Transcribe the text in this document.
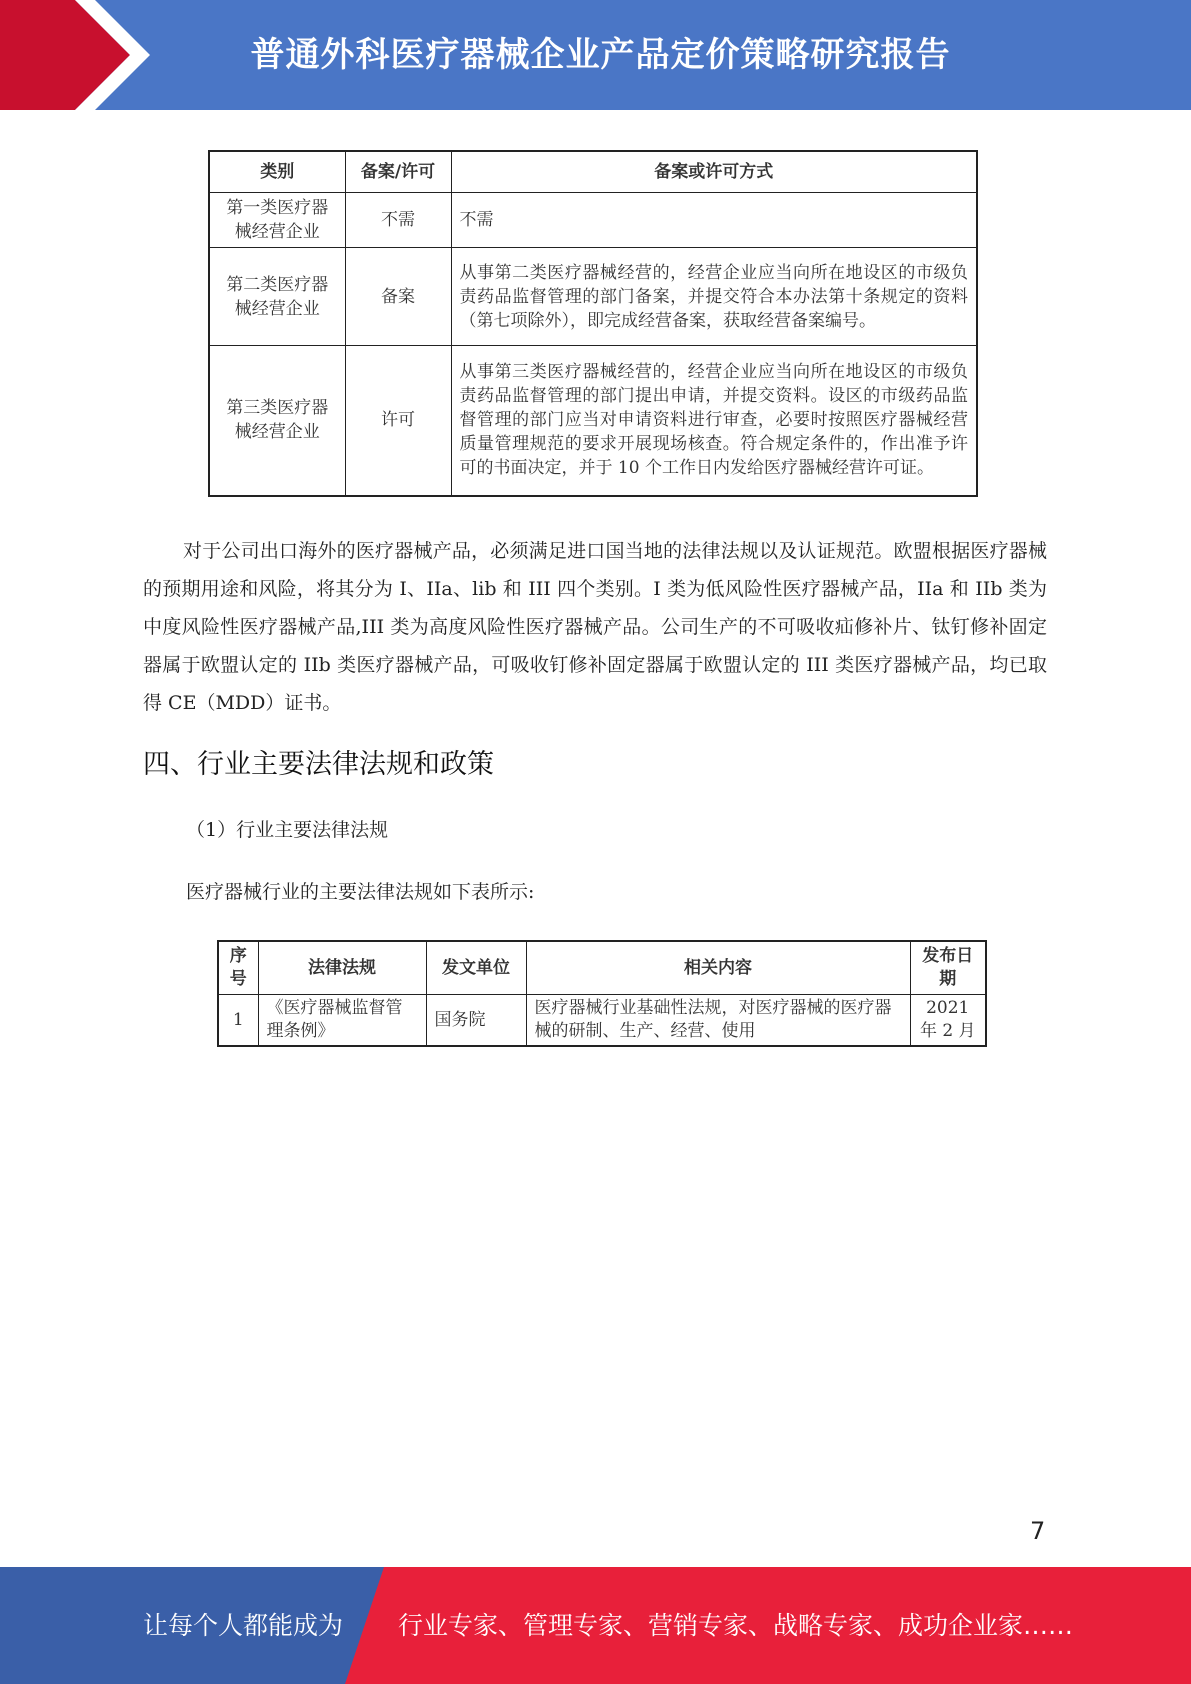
普通外科医疗器械企业产品定价策略研究报告
类别	备案/许可	备案或许可方式
第一类医疗器械经营企业	不需	不需
第二类医疗器械经营企业	备案	从事第二类医疗器械经营的，经营企业应当向所在地设区的市级负责药品监督管理的部门备案，并提交符合本办法第十条规定的资料（第七项除外），即完成经营备案，获取经营备案编号。
第三类医疗器械经营企业	许可	从事第三类医疗器械经营的，经营企业应当向所在地设区的市级负责药品监督管理的部门提出申请，并提交资料。设区的市级药品监督管理的部门应当对申请资料进行审查，必要时按照医疗器械经营质量管理规范的要求开展现场核查。符合规定条件的，作出准予许可的书面决定，并于 10 个工作日内发给医疗器械经营许可证。

对于公司出口海外的医疗器械产品，必须满足进口国当地的法律法规以及认证规范。欧盟根据医疗器械的预期用途和风险，将其分为 I、IIa、lib 和 III 四个类别。I 类为低风险性医疗器械产品，IIa 和 IIb 类为中度风险性医疗器械产品,III 类为高度风险性医疗器械产品。公司生产的不可吸收疝修补片、钛钉修补固定器属于欧盟认定的 IIb 类医疗器械产品，可吸收钉修补固定器属于欧盟认定的 III 类医疗器械产品，均已取得 CE（MDD）证书。

四、行业主要法律法规和政策

（1）行业主要法律法规

医疗器械行业的主要法律法规如下表所示:

序号	法律法规	发文单位	相关内容	发布日期
1	《医疗器械监督管理条例》	国务院	医疗器械行业基础性法规，对医疗器械的医疗器械的研制、生产、经营、使用	2021 年 2 月
7
让每个人都能成为 行业专家、管理专家、营销专家、战略专家、成功企业家……
